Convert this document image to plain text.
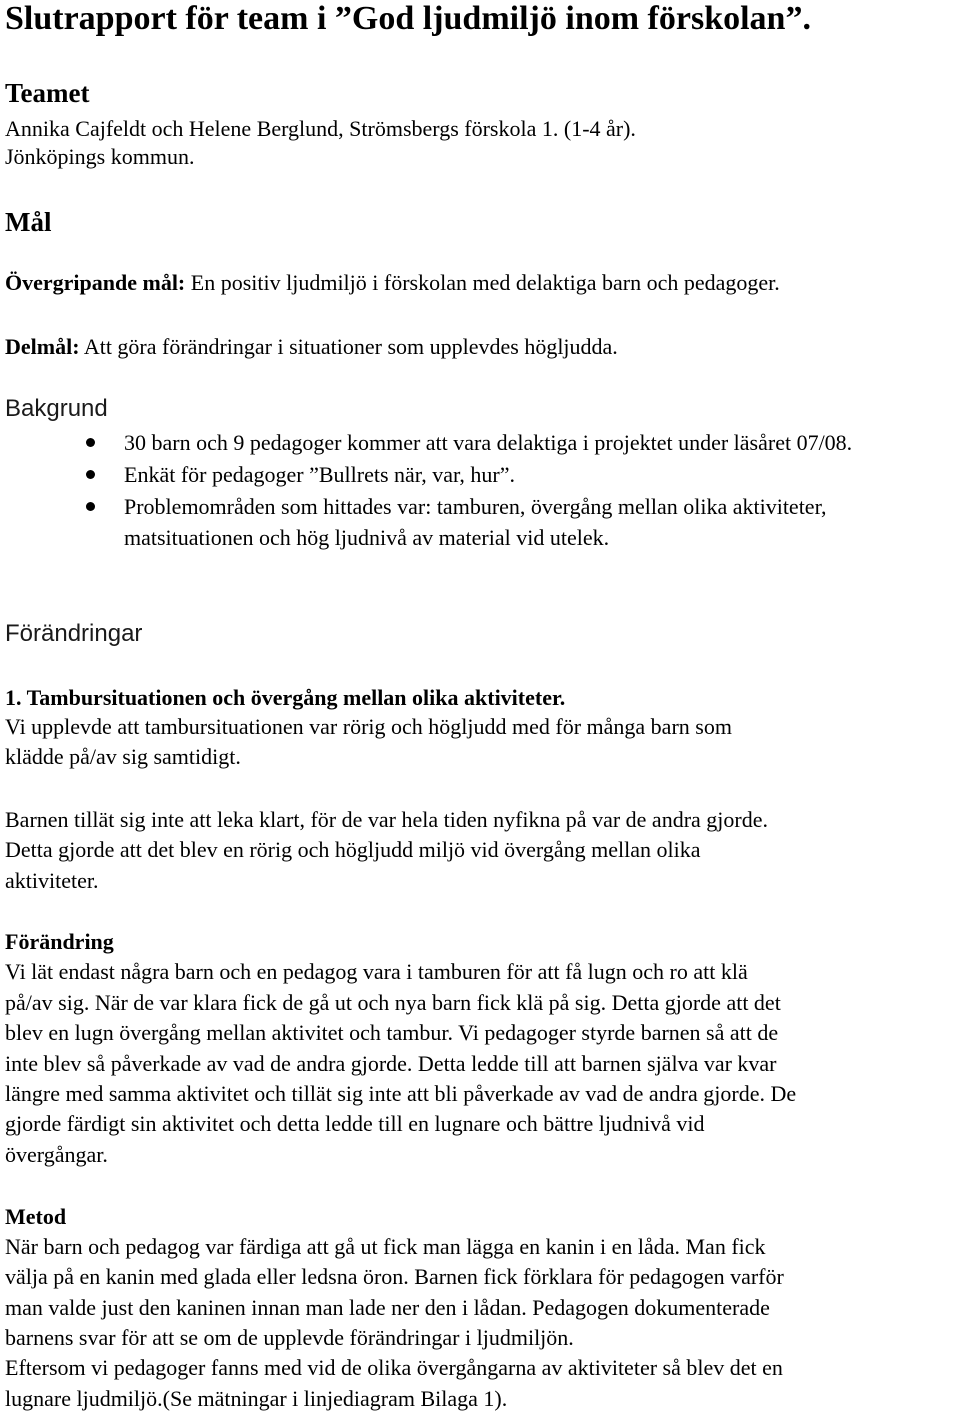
Slutrapport för team i ”God ljudmiljö inom förskolan”.
Teamet

Annika Cajfeldt och Helene Berglund, Strömsbergs förskola 1. (1-4 år).

Jönköpings kommun.

Mål

Övergripande mål: En positiv ljudmiljö i förskolan med delaktiga barn och pedagoger.

Delmål: Att göra förändringar i situationer som upplevdes högljudda.

Bakgrund
30 barn och 9 pedagoger kommer att vara delaktiga i projektet under läsåret 07/08.
Enkät för pedagoger ”Bullrets när, var, hur”.
Problemområden som hittades var: tamburen, övergång mellan olika aktiviteter, matsituationen och hög ljudnivå av material vid utelek.
Förändringar

1. Tambursituationen och övergång mellan olika aktiviteter.

Vi upplevde att tambursituationen var rörig och högljudd med för många barn som

klädde på/av sig samtidigt.

Barnen tillät sig inte att leka klart, för de var hela tiden nyfikna på var de andra gjorde.

Detta gjorde att det blev en rörig och högljudd miljö vid övergång mellan olika

aktiviteter.

Förändring

Vi lät endast några barn och en pedagog vara i tamburen för att få lugn och ro att klä

på/av sig. När de var klara fick de gå ut och nya barn fick klä på sig. Detta gjorde att det

blev en lugn övergång mellan aktivitet och tambur. Vi pedagoger styrde barnen så att de

inte blev så påverkade av vad de andra gjorde. Detta ledde till att barnen själva var kvar

längre med samma aktivitet och tillät sig inte att bli påverkade av vad de andra gjorde. De

gjorde färdigt sin aktivitet och detta ledde till en lugnare och bättre ljudnivå vid

övergångar.

Metod

När barn och pedagog var färdiga att gå ut fick man lägga en kanin i en låda. Man fick

välja på en kanin med glada eller ledsna öron. Barnen fick förklara för pedagogen varför

man valde just den kaninen innan man lade ner den i lådan. Pedagogen dokumenterade

barnens svar för att se om de upplevde förändringar i ljudmiljön.

Eftersom vi pedagoger fanns med vid de olika övergångarna av aktiviteter så blev det en

lugnare ljudmiljö.(Se mätningar i linjediagram Bilaga 1).
